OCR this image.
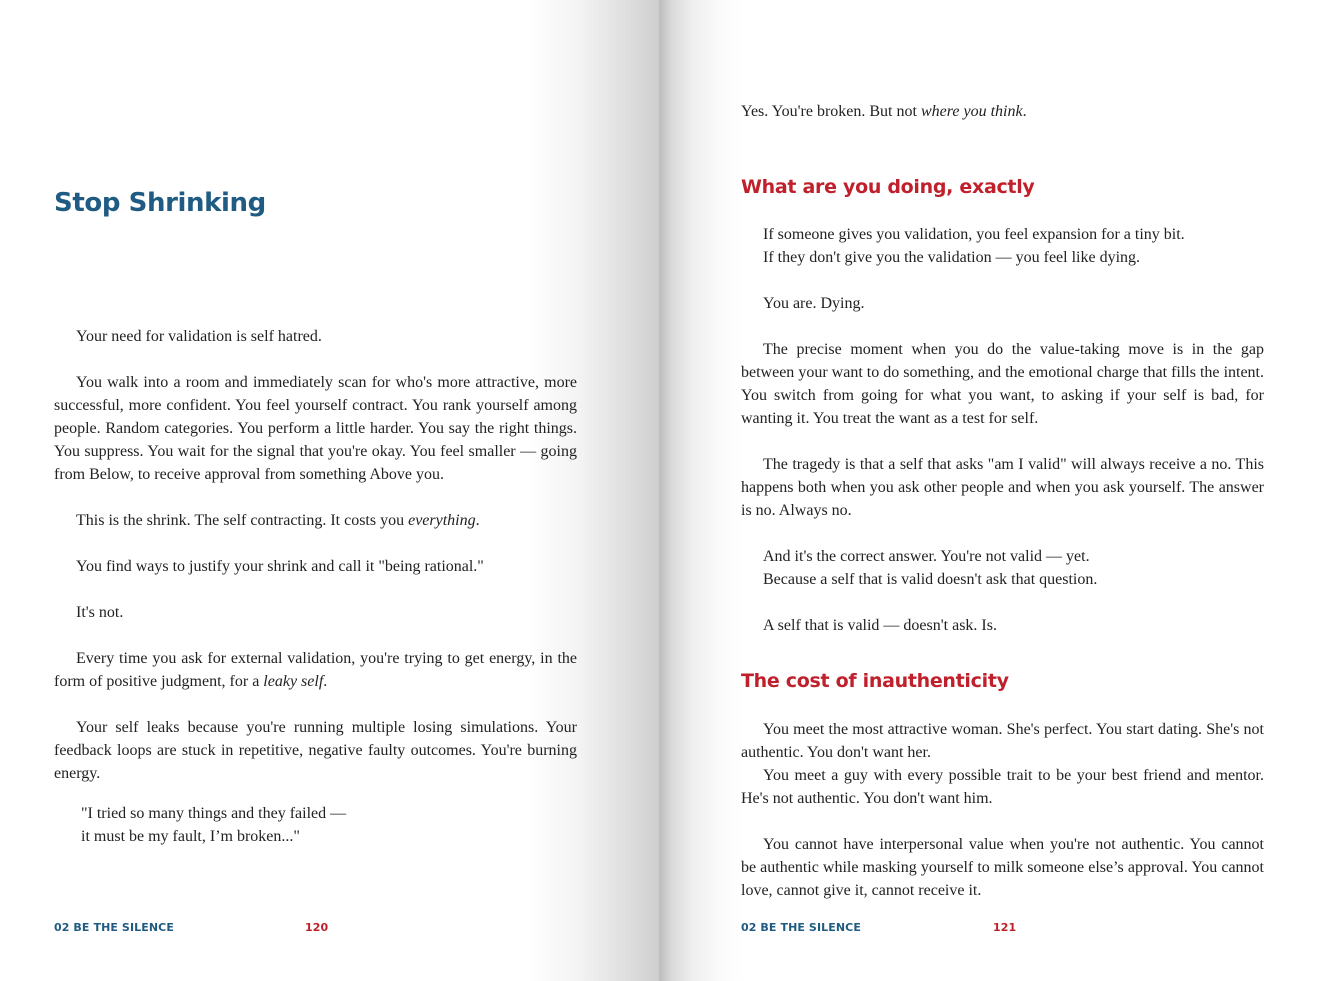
Stop Shrinking

Your need for validation is self hatred.

You walk into a room and immediately scan for who's more attractive, more successful, more confident. You feel yourself contract. You rank yourself among people. Random categories. You perform a little harder. You say the right things. You suppress. You wait for the signal that you're okay. You feel smaller — going from Below, to receive approval from something Above you.

This is the shrink. The self contracting. It costs you everything.

You find ways to justify your shrink and call it "being rational."

It's not.

Every time you ask for external validation, you're trying to get energy, in the form of positive judgment, for a leaky self.

Your self leaks because you're running multiple losing simulations. Your feedback loops are stuck in repetitive, negative faulty outcomes. You're burning energy.

"I tried so many things and they failed —

it must be my fault, I’m broken..."

02 BE THE SILENCE	120

Yes. You're broken. But not where you think.

What are you doing, exactly

If someone gives you validation, you feel expansion for a tiny bit.

If they don't give you the validation — you feel like dying.

You are. Dying.

The precise moment when you do the value-taking move is in the gap between your want to do something, and the emotional charge that fills the intent. You switch from going for what you want, to asking if your self is bad, for wanting it. You treat the want as a test for self.

The tragedy is that a self that asks "am I valid" will always receive a no. This happens both when you ask other people and when you ask yourself. The answer is no. Always no.

And it's the correct answer. You're not valid — yet.

Because a self that is valid doesn't ask that question.

A self that is valid — doesn't ask. Is.

The cost of inauthenticity

You meet the most attractive woman. She's perfect. You start dating. She's not authentic. You don't want her.

You meet a guy with every possible trait to be your best friend and mentor. He's not authentic. You don't want him.

You cannot have interpersonal value when you're not authentic. You cannot be authentic while masking yourself to milk someone else’s approval. You cannot love, cannot give it, cannot receive it.

02 BE THE SILENCE	121
